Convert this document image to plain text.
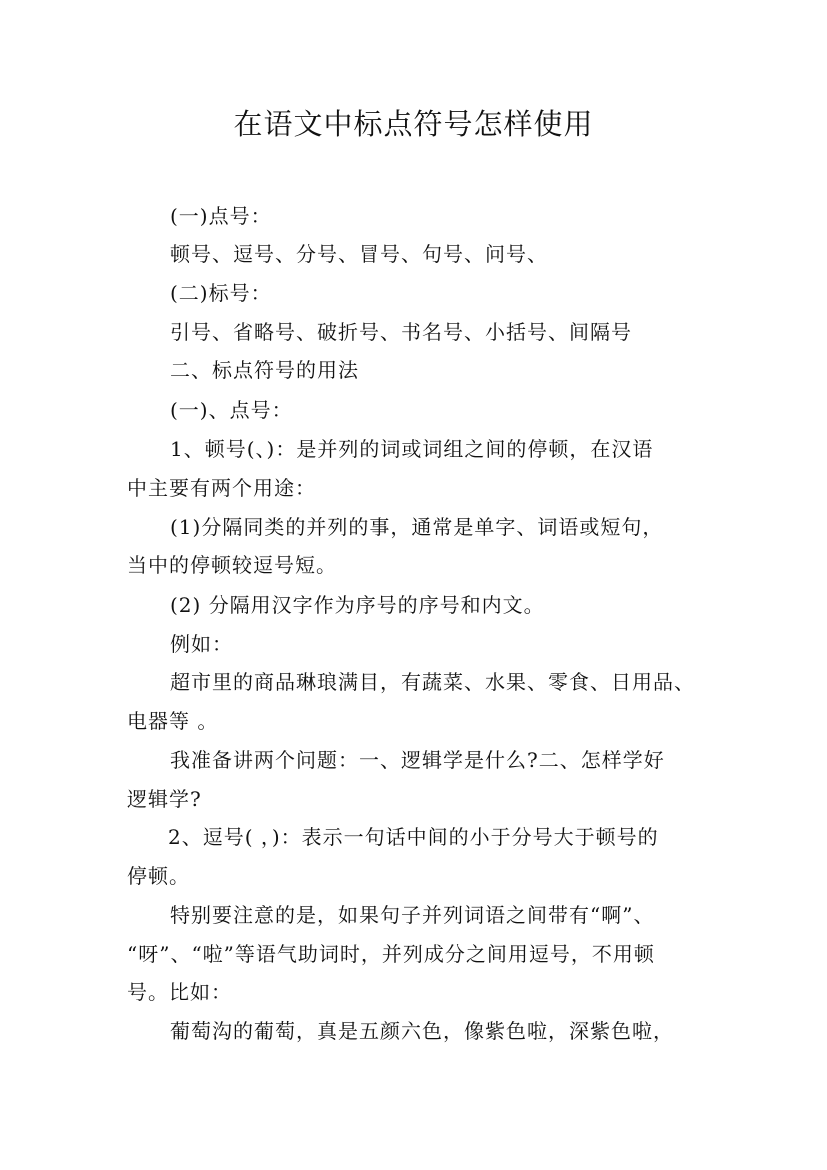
在语文中标点符号怎样使用
(一)点号：
顿号、逗号、分号、冒号、句号、问号、
(二)标号：
引号、省略号、破折号、书名号、小括号、间隔号
二、标点符号的用法
(一)、点号：
1、顿号(、)：是并列的词或词组之间的停顿，在汉语
中主要有两个用途：
(1)分隔同类的并列的事，通常是单字、词语或短句，
当中的停顿较逗号短。
(2) 分隔用汉字作为序号的序号和内文。
例如：
超市里的商品琳琅满目，有蔬菜、水果、零食、日用品、
电器等 。
我准备讲两个问题：一、逻辑学是什么?二、怎样学好
逻辑学?
2、逗号( ，)：表示一句话中间的小于分号大于顿号的
停顿。
特别要注意的是，如果句子并列词语之间带有“啊”、
“呀”、“啦”等语气助词时，并列成分之间用逗号，不用顿
号。比如：
葡萄沟的葡萄，真是五颜六色，像紫色啦，深紫色啦，
